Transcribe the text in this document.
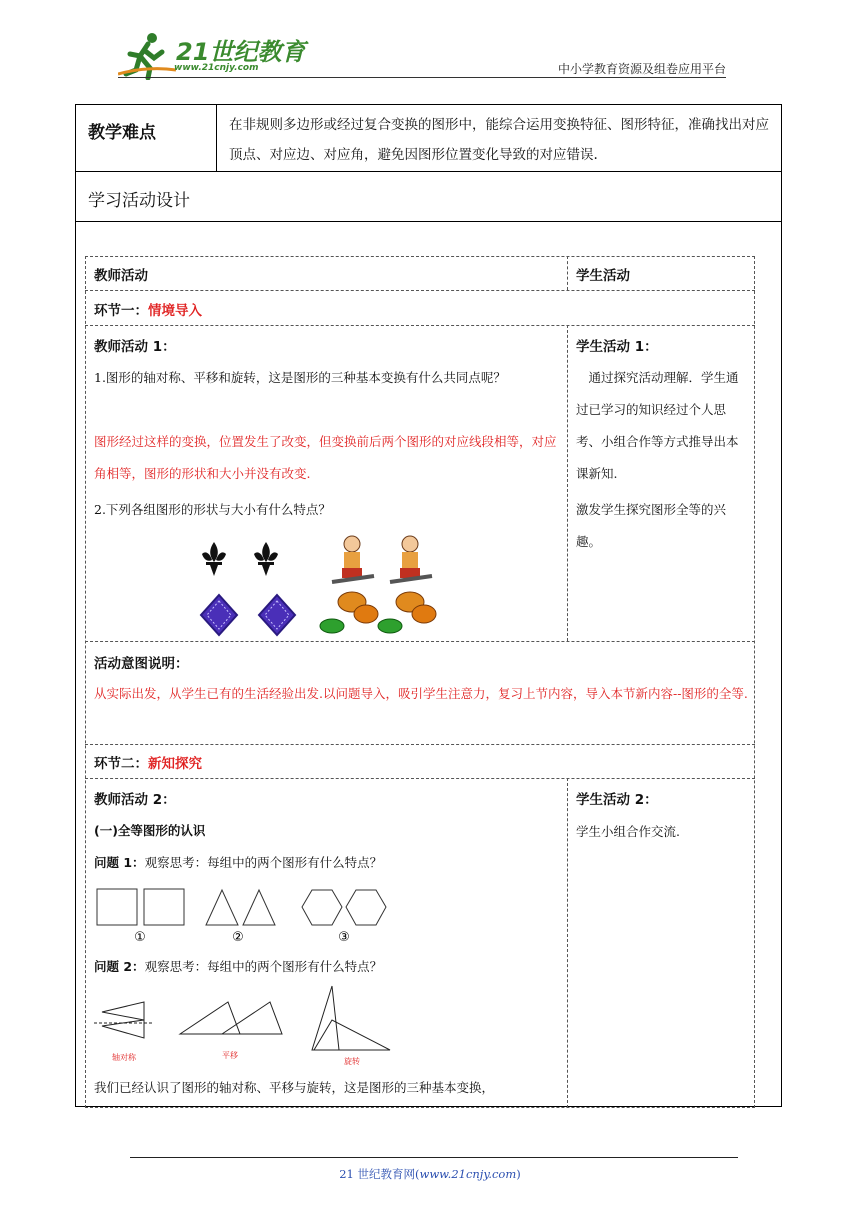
21世纪教育
www.21cnjy.com	中小学教育资源及组卷应用平台
教学难点	在非规则多边形或经过复合变换的图形中，能综合运用变换特征、图形特征，准确找出对应顶点、对应边、对应角，避免因图形位置变化导致的对应错误.
学习活动设计
教师活动	学生活动
环节一：情境导入
教师活动 1：
1.图形的轴对称、平移和旋转，这是图形的三种基本变换有什么共同点呢？
图形经过这样的变换，位置发生了改变，但变换前后两个图形的对应线段相等，对应角相等，图形的形状和大小并没有改变.
2.下列各组图形的形状与大小有什么特点？
学生活动 1：
通过探究活动理解．学生通过已学习的知识经过个人思考、小组合作等方式推导出本课新知.
激发学生探究图形全等的兴趣。
活动意图说明：
从实际出发，从学生已有的生活经验出发.以问题导入，吸引学生注意力，复习上节内容，导入本节新内容--图形的全等.
环节二：新知探究
教师活动 2：
(一)全等图形的认识
问题 1：观察思考：每组中的两个图形有什么特点？
①	②	③
问题 2：观察思考：每组中的两个图形有什么特点？
轴对称	平移
旋转
我们已经认识了图形的轴对称、平移与旋转，这是图形的三种基本变换，
学生活动 2：
学生小组合作交流.
21 世纪教育网(www.21cnjy.com)
